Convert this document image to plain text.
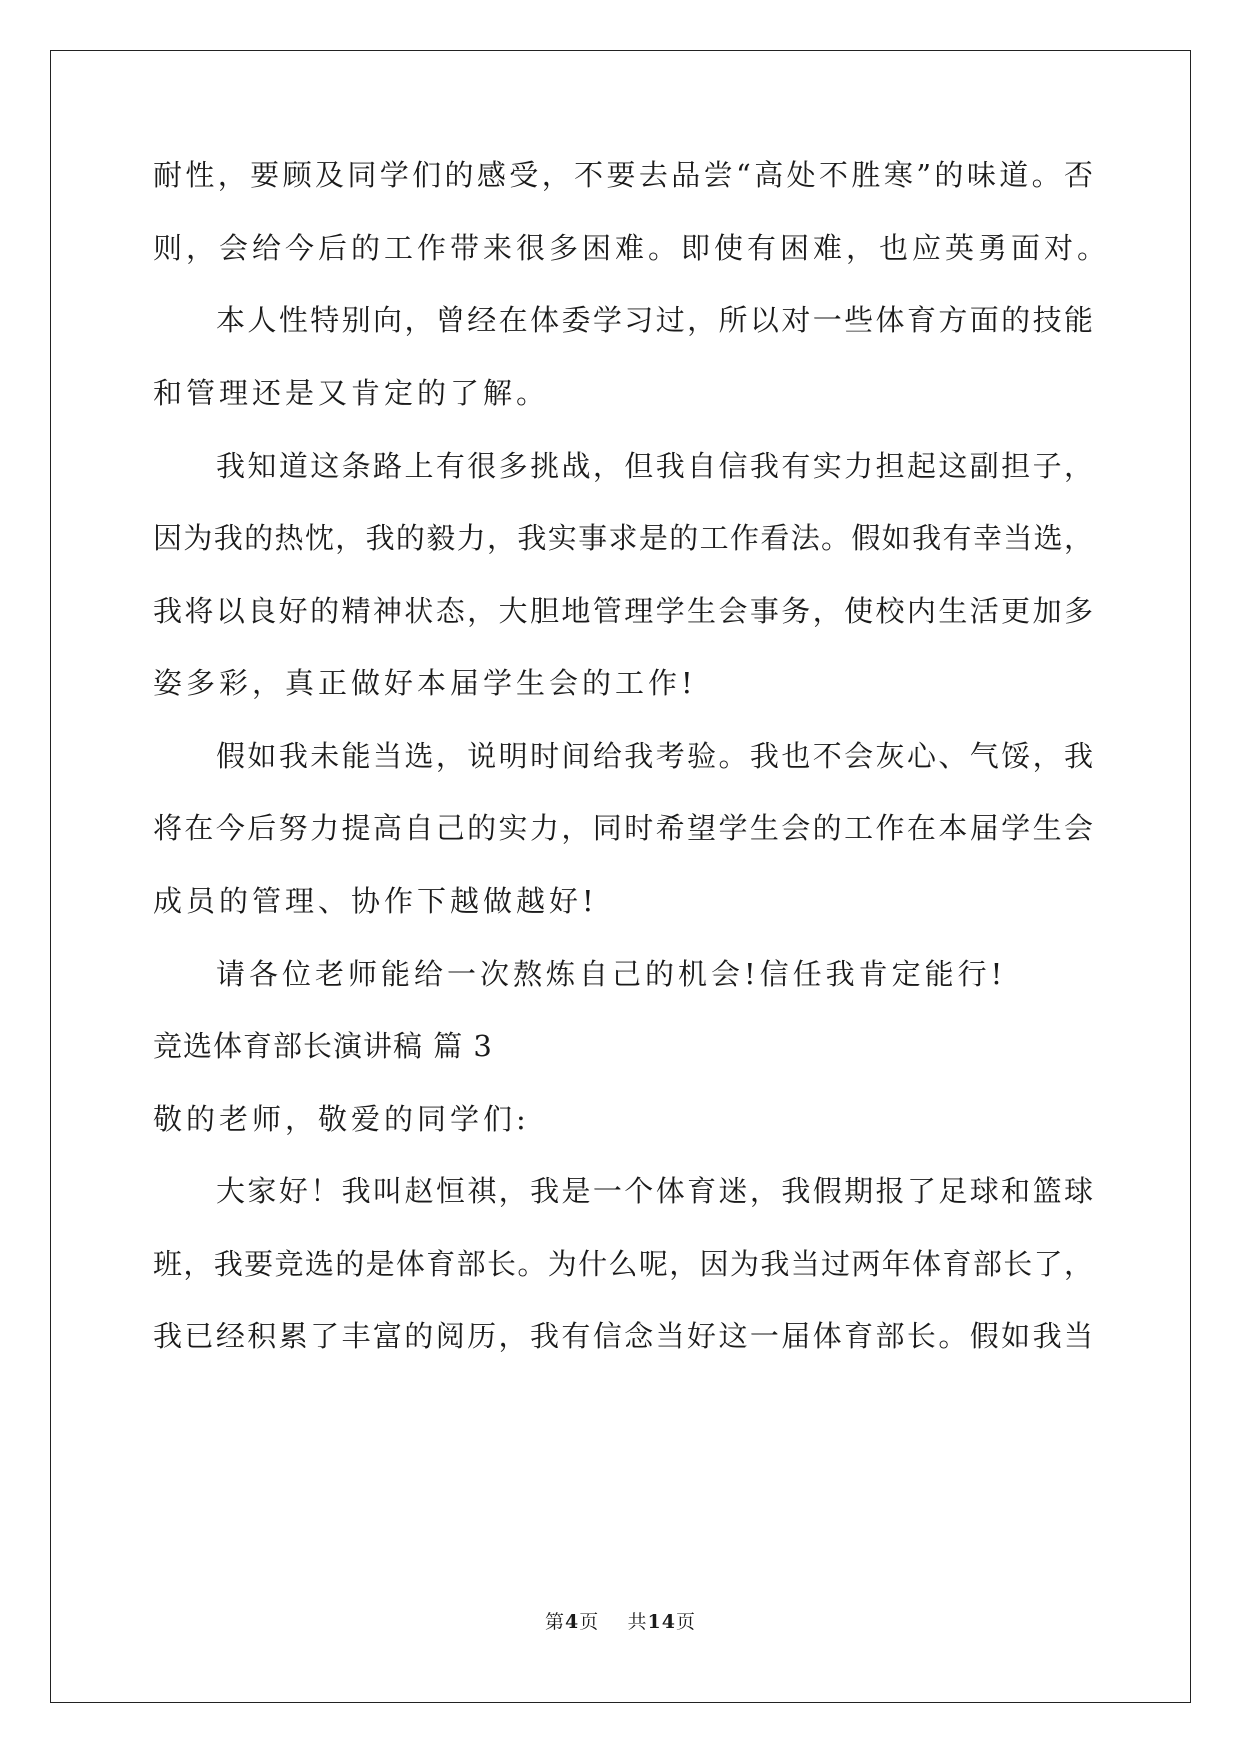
耐性，要顾及同学们的感受，不要去品尝“高处不胜寒”的味道。否
则，会给今后的工作带来很多困难。即使有困难，也应英勇面对。
本人性特别向，曾经在体委学习过，所以对一些体育方面的技能
和管理还是又肯定的了解。
我知道这条路上有很多挑战，但我自信我有实力担起这副担子，
因为我的热忱，我的毅力，我实事求是的工作看法。假如我有幸当选，
我将以良好的精神状态，大胆地管理学生会事务，使校内生活更加多
姿多彩，真正做好本届学生会的工作!
假如我未能当选，说明时间给我考验。我也不会灰心、气馁，我
将在今后努力提高自己的实力，同时希望学生会的工作在本届学生会
成员的管理、协作下越做越好!
请各位老师能给一次熬炼自己的机会!信任我肯定能行!
竞选体育部长演讲稿 篇 3
敬的老师，敬爱的同学们:
大家好！我叫赵恒祺，我是一个体育迷，我假期报了足球和篮球
班，我要竞选的是体育部长。为什么呢，因为我当过两年体育部长了，
我已经积累了丰富的阅历，我有信念当好这一届体育部长。假如我当
第4页 共14页
